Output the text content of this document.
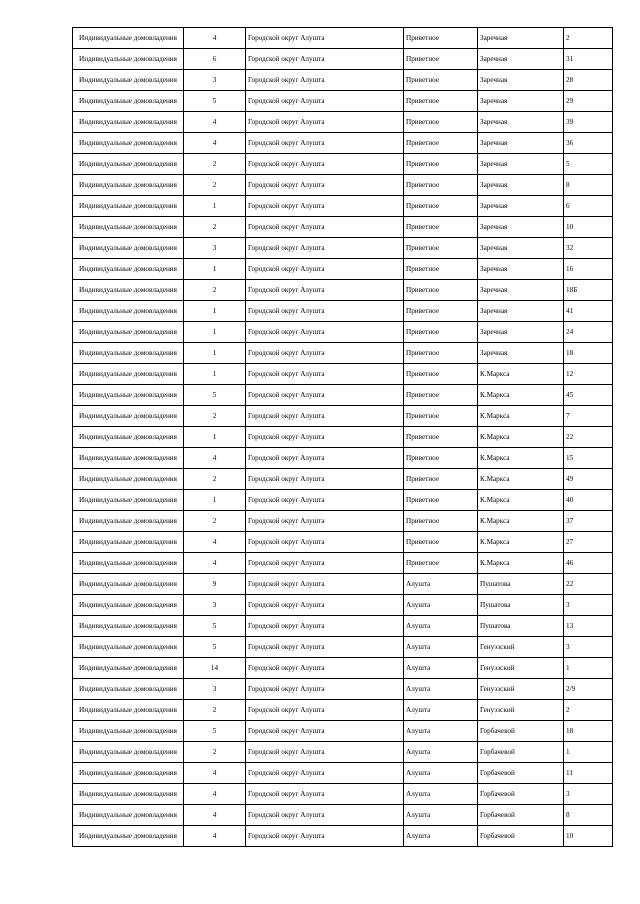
Индивидуальные домовладения	4	Городской округ Алушта	Приветное	Заречная	2
Индивидуальные домовладения	6	Городской округ Алушта	Приветное	Заречная	31
Индивидуальные домовладения	3	Городской округ Алушта	Приветное	Заречная	28
Индивидуальные домовладения	5	Городской округ Алушта	Приветное	Заречная	29
Индивидуальные домовладения	4	Городской округ Алушта	Приветное	Заречная	39
Индивидуальные домовладения	4	Городской округ Алушта	Приветное	Заречная	36
Индивидуальные домовладения	2	Городской округ Алушта	Приветное	Заречная	5
Индивидуальные домовладения	2	Городской округ Алушта	Приветное	Заречная	8
Индивидуальные домовладения	1	Городской округ Алушта	Приветное	Заречная	6
Индивидуальные домовладения	2	Городской округ Алушта	Приветное	Заречная	10
Индивидуальные домовладения	3	Городской округ Алушта	Приветное	Заречная	32
Индивидуальные домовладения	1	Городской округ Алушта	Приветное	Заречная	16
Индивидуальные домовладения	2	Городской округ Алушта	Приветное	Заречная	18Б
Индивидуальные домовладения	1	Городской округ Алушта	Приветное	Заречная	41
Индивидуальные домовладения	1	Городской округ Алушта	Приветное	Заречная	24
Индивидуальные домовладения	1	Городской округ Алушта	Приветное	Заречная	18
Индивидуальные домовладения	1	Городской округ Алушта	Приветное	К.Маркса	12
Индивидуальные домовладения	5	Городской округ Алушта	Приветное	К.Маркса	45
Индивидуальные домовладения	2	Городской округ Алушта	Приветное	К.Маркса	7
Индивидуальные домовладения	1	Городской округ Алушта	Приветное	К.Маркса	22
Индивидуальные домовладения	4	Городской округ Алушта	Приветное	К.Маркса	15
Индивидуальные домовладения	2	Городской округ Алушта	Приветное	К.Маркса	49
Индивидуальные домовладения	1	Городской округ Алушта	Приветное	К.Маркса	40
Индивидуальные домовладения	2	Городской округ Алушта	Приветное	К.Маркса	37
Индивидуальные домовладения	4	Городской округ Алушта	Приветное	К.Маркса	27
Индивидуальные домовладения	4	Городской округ Алушта	Приветное	К.Маркса	46
Индивидуальные домовладения	9	Городской округ Алушта	Алушта	Пушатова	22
Индивидуальные домовладения	3	Городской округ Алушта	Алушта	Пушатова	3
Индивидуальные домовладения	5	Городской округ Алушта	Алушта	Пушатова	13
Индивидуальные домовладения	5	Городской округ Алушта	Алушта	Генуэзский	3
Индивидуальные домовладения	14	Городской округ Алушта	Алушта	Генуэзский	1
Индивидуальные домовладения	3	Городской округ Алушта	Алушта	Генуэзский	2/9
Индивидуальные домовладения	2	Городской округ Алушта	Алушта	Генуэзский	2
Индивидуальные домовладения	5	Городской округ Алушта	Алушта	Горбачевой	18
Индивидуальные домовладения	2	Городской округ Алушта	Алушта	Горбачевой	1
Индивидуальные домовладения	4	Городской округ Алушта	Алушта	Горбачевой	11
Индивидуальные домовладения	4	Городской округ Алушта	Алушта	Горбачевой	3
Индивидуальные домовладения	4	Городской округ Алушта	Алушта	Горбачевой	8
Индивидуальные домовладения	4	Городской округ Алушта	Алушта	Горбачевой	10
